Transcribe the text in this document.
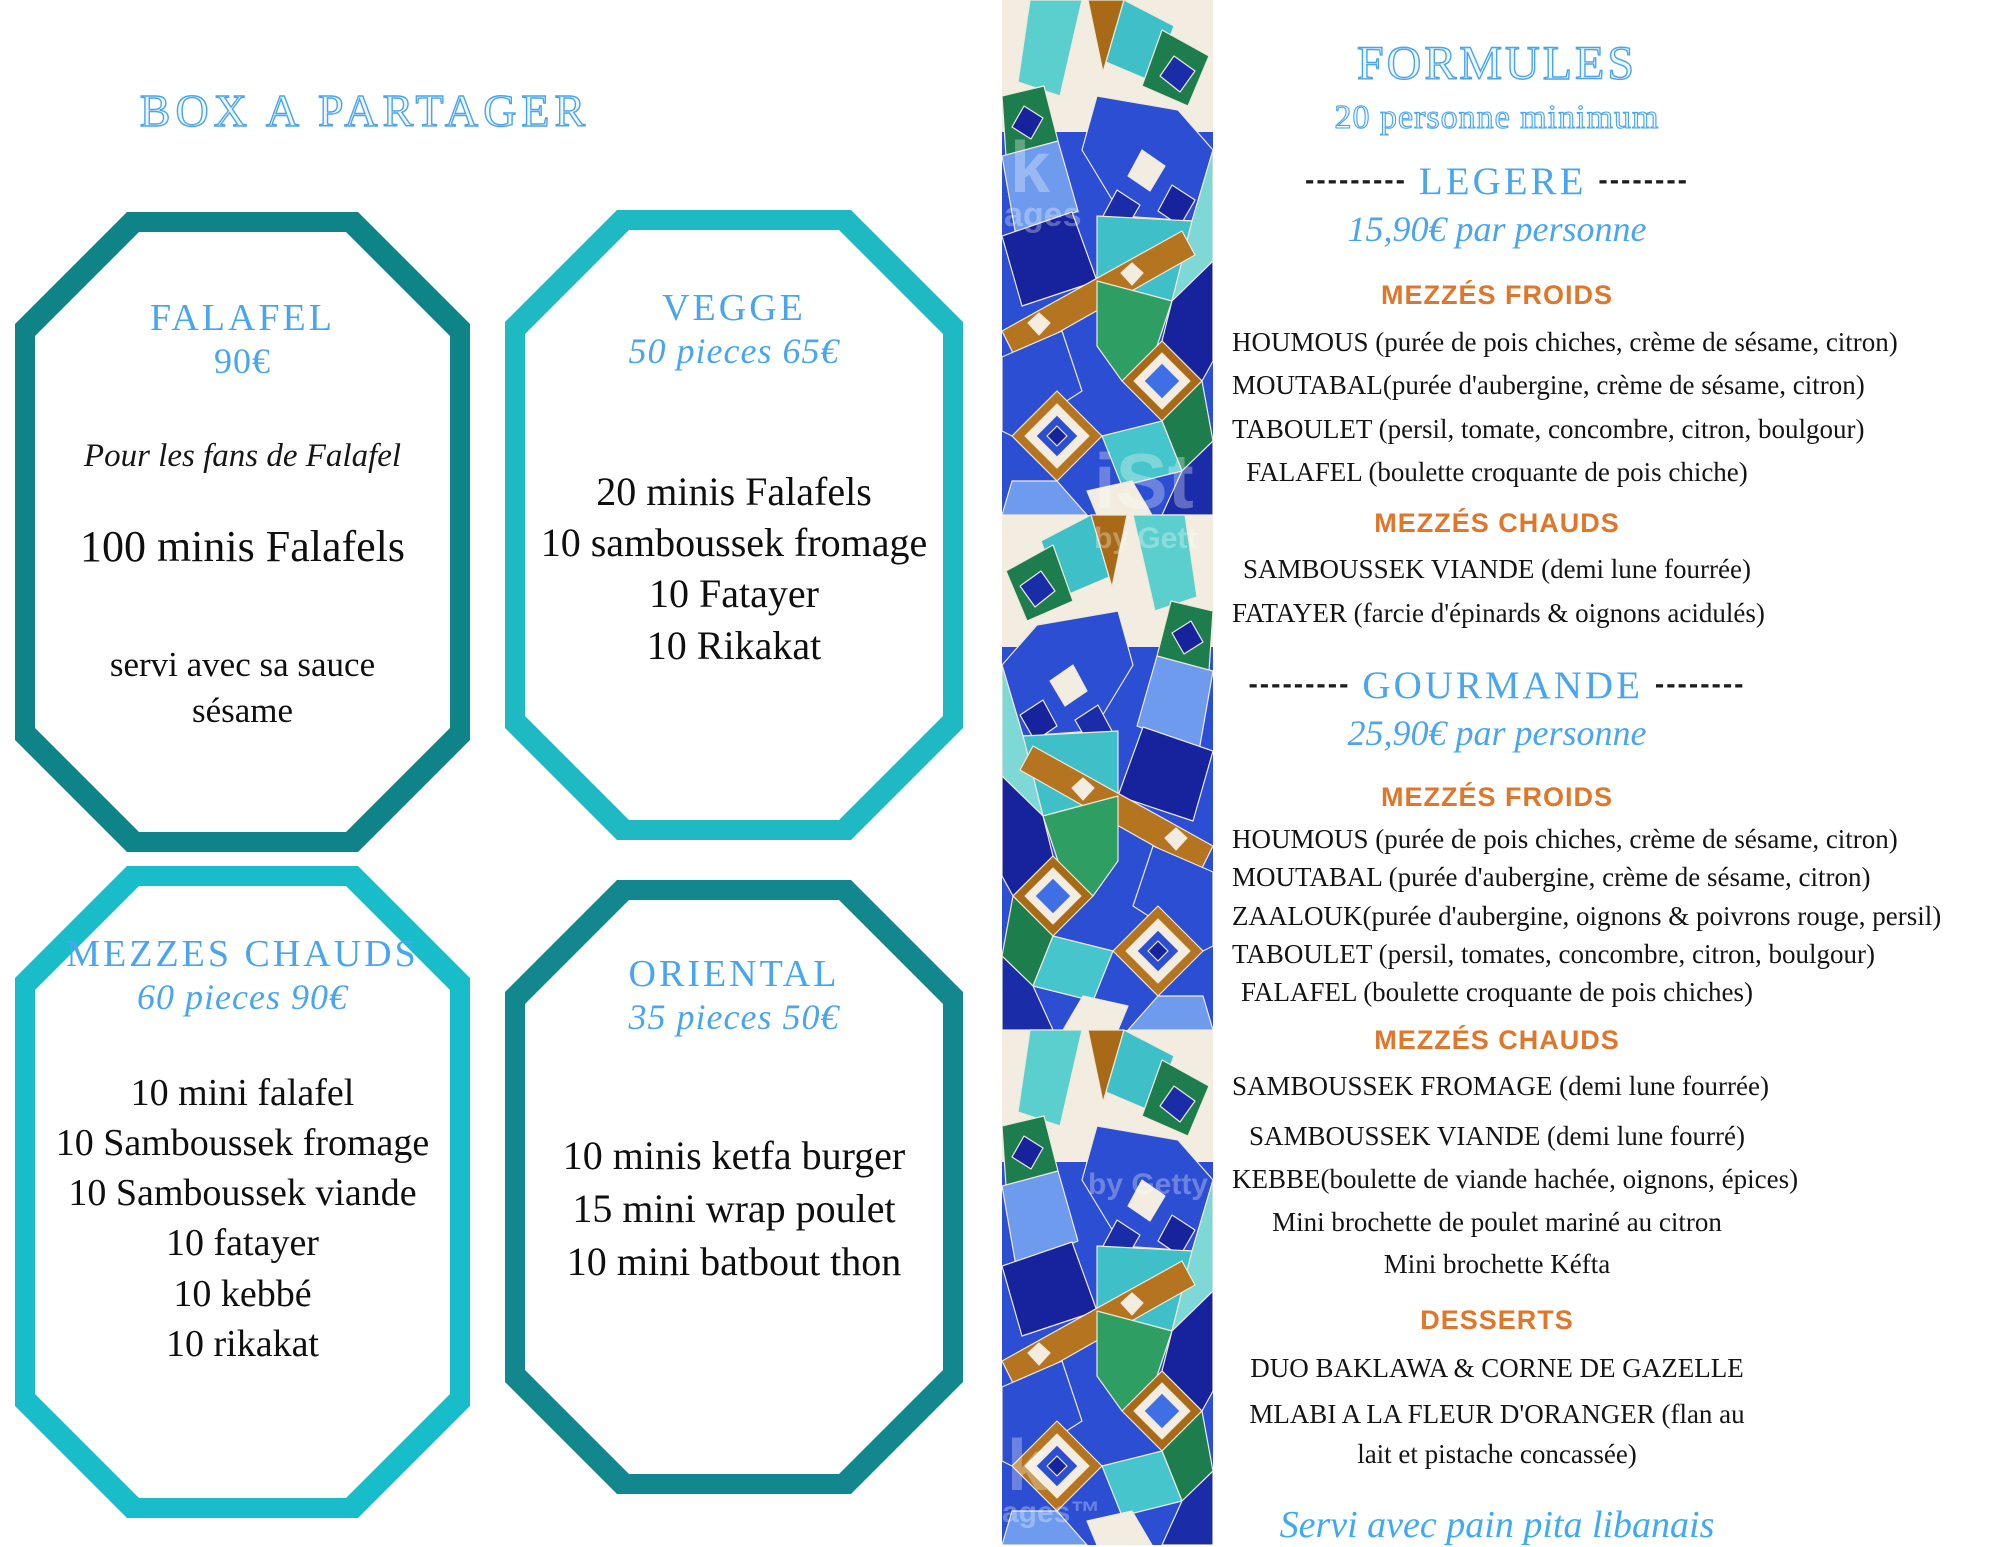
BOX A PARTAGER
FALAFEL
90€
Pour les fans de Falafel
100 minis Falafels
servi avec sa sauce
sésame
VEGGE
50 pieces 65€
20 minis Falafels
10 samboussek fromage
10 Fatayer
10 Rikakat
MEZZES CHAUDS
60 pieces 90€
10 mini falafel
10 Samboussek fromage
10 Samboussek viande
10 fatayer
10 kebbé
10 rikakat
ORIENTAL
35 pieces 50€
10 minis ketfa burger
15 mini wrap poulet
10 mini batbout thon
k
ages
iSt
by Gett
by Getty
k
ages™
FORMULES
20 personne minimum
--------- LEGERE --------
15,90€ par personne
MEZZÉS FROIDS
HOUMOUS (purée de pois chiches, crème de sésame, citron)
MOUTABAL(purée d'aubergine, crème de sésame, citron)
TABOULET (persil, tomate, concombre, citron, boulgour)
FALAFEL (boulette croquante de pois chiche)
MEZZÉS CHAUDS
SAMBOUSSEK VIANDE (demi lune fourrée)
FATAYER (farcie d'épinards & oignons acidulés)
--------- GOURMANDE --------
25,90€ par personne
MEZZÉS FROIDS
HOUMOUS (purée de pois chiches, crème de sésame, citron)
MOUTABAL (purée d'aubergine, crème de sésame, citron)
ZAALOUK(purée d'aubergine, oignons & poivrons rouge, persil)
TABOULET (persil, tomates, concombre, citron, boulgour)
FALAFEL (boulette croquante de pois chiches)
MEZZÉS CHAUDS
SAMBOUSSEK FROMAGE (demi lune fourrée)
SAMBOUSSEK VIANDE (demi lune fourré)
KEBBE(boulette de viande hachée, oignons, épices)
Mini brochette de poulet mariné au citron
Mini brochette Kéfta
DESSERTS
DUO BAKLAWA & CORNE DE GAZELLE
MLABI A LA FLEUR D'ORANGER (flan au lait et pistache concassée)
Servi avec pain pita libanais
